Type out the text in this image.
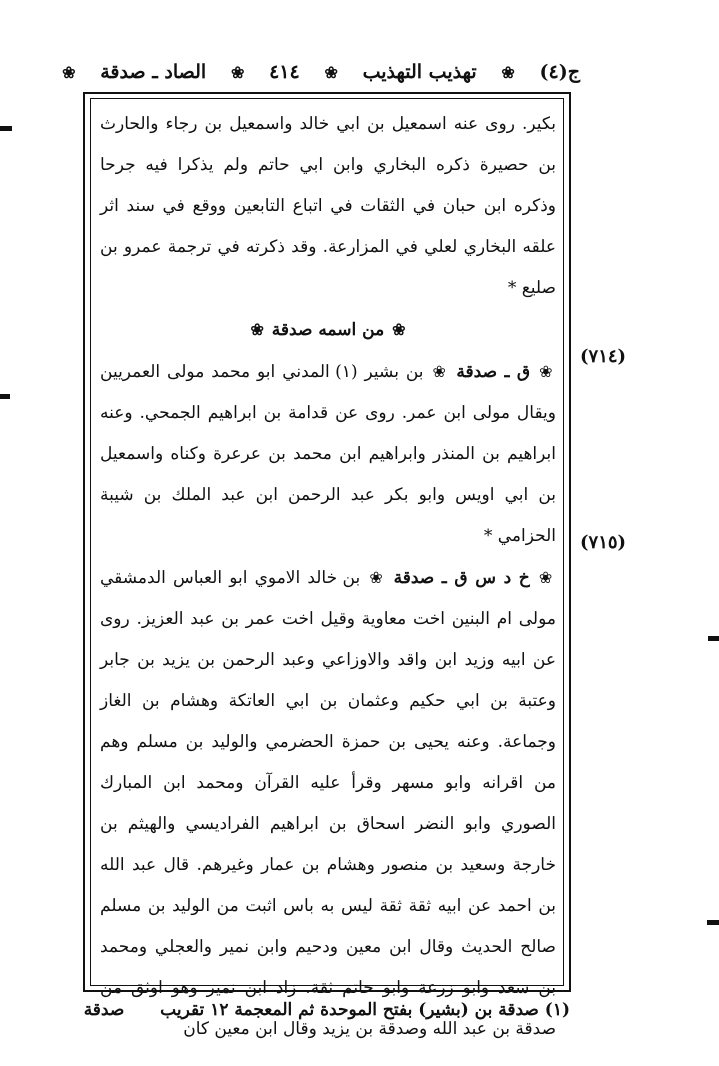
ج(٤)
❀
تهذيب التهذيب
❀
٤١٤
❀
الصاد ـ صدقة
❀

بكير. روى عنه اسمعيل بن ابي خالد واسمعيل بن رجاء والحارث بن حصيرة ذكره البخاري وابن ابي حاتم ولم يذكرا فيه جرحا وذكره ابن حبان في الثقات في اتباع التابعين ووقع في سند اثر علقه البخاري لعلي في المزارعة. وقد ذكرته في ترجمة عمرو بن صليع *

❀ من اسمه صدقة ❀

❀ ق ـ صدقة ❀ بن بشير (١) المدني ابو محمد مولى العمريين ويقال مولى ابن عمر. روى عن قدامة بن ابراهيم الجمحي. وعنه ابراهيم بن المنذر وابراهيم ابن محمد بن عرعرة وكناه واسمعيل بن ابي اويس وابو بكر عبد الرحمن ابن عبد الملك بن شيبة الحزامي *

❀ خ د س ق ـ صدقة ❀ بن خالد الاموي ابو العباس الدمشقي مولى ام البنين اخت معاوية وقيل اخت عمر بن عبد العزيز. روى عن ابيه وزيد ابن واقد والاوزاعي وعبد الرحمن بن يزيد بن جابر وعتبة بن ابي حكيم وعثمان بن ابي العاتكة وهشام بن الغاز وجماعة. وعنه يحيى بن حمزة الحضرمي والوليد بن مسلم وهم من اقرانه وابو مسهر وقرأ عليه القرآن ومحمد ابن المبارك الصوري وابو النضر اسحاق بن ابراهيم الفراديسي والهيثم بن خارجة وسعيد بن منصور وهشام بن عمار وغيرهم. قال عبد الله بن احمد عن ابيه ثقة ثقة ليس به باس اثبت من الوليد بن مسلم صالح الحديث وقال ابن معين ودحيم وابن نمير والعجلي ومحمد بن سعد وابو زرعة وابو حاتم ثقة. زاد ابن نمير وهو اوثق من صدقة بن عبد الله وصدقة بن يزيد وقال ابن معين كان

(٧١٤)
(٧١٥)
(١) صدقة بن (بشير) بفتح الموحدة ثم المعجمة ١٢ تقريب  صدقة
